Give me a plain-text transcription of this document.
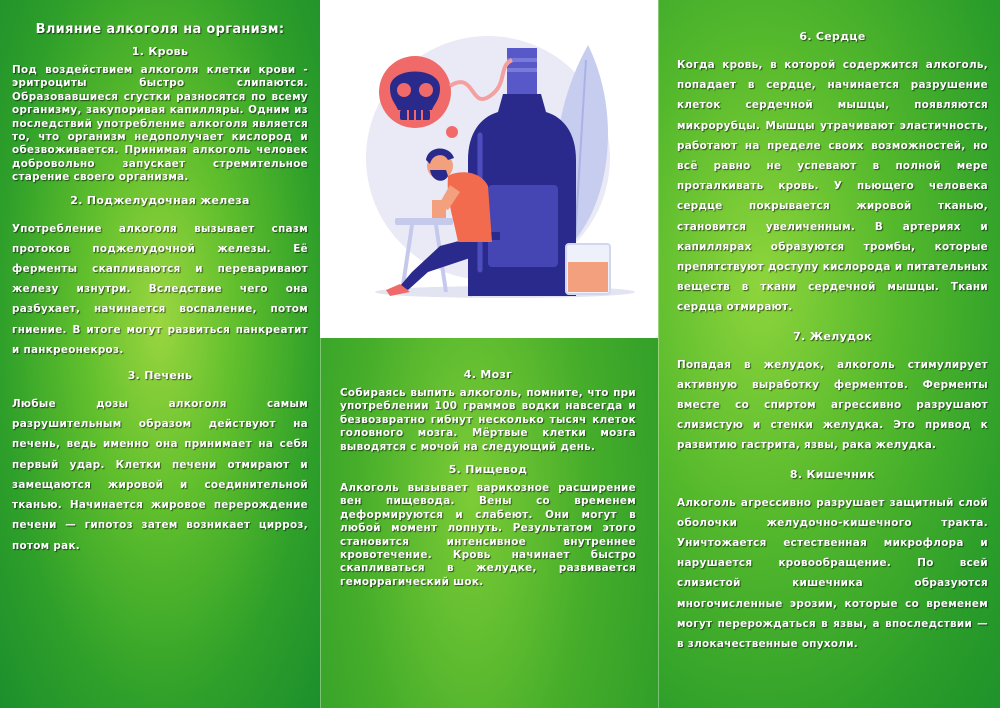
Влияние алкоголя на организм:
1. Кровь

Под воздействием алкоголя клетки крови - эритроциты быстро слипаются. Образовавшиеся сгустки разносятся по всему организму, закупоривая капилляры. Одним из последствий употребление алкоголя является то, что организм недополучает кислород и обезвоживается. Принимая алкоголь человек добровольно запускает стремительное старение своего организма.

2. Поджелудочная железа

Употребление алкоголя вызывает спазм протоков поджелудочной железы. Её ферменты скапливаются и переваривают железу изнутри. Вследствие чего она разбухает, начинается воспаление, потом гниение. В итоге могут развиться панкреатит и панкреонекроз.

3. Печень

Любые дозы алкоголя самым разрушительным образом действуют на печень, ведь именно она принимает на себя первый удар. Клетки печени отмирают и замещаются жировой и соединительной тканью. Начинается жировое перерождение печени — гипотоз затем возникает цирроз, потом рак.

4. Мозг

Собираясь выпить алкоголь, помните, что при употреблении 100 граммов водки навсегда и безвозвратно гибнут несколько тысяч клеток головного мозга. Мёртвые клетки мозга выводятся с мочой на следующий день.

5. Пищевод

Алкоголь вызывает варикозное расширение вен пищевода. Вены со временем деформируются и слабеют. Они могут в любой момент лопнуть. Результатом этого становится интенсивное внутреннее кровотечение. Кровь начинает быстро скапливаться в желудке, развивается геморрагический шок.

6. Сердце

Когда кровь, в которой содержится алкоголь, попадает в сердце, начинается разрушение клеток сердечной мышцы, появляются микрорубцы. Мышцы утрачивают эластичность, работают на пределе своих возможностей, но всё равно не успевают в полной мере проталкивать кровь. У пьющего человека сердце покрывается жировой тканью, становится увеличенным. В артериях и капиллярах образуются тромбы, которые препятствуют доступу кислорода и питательных веществ в ткани сердечной мышцы. Ткани сердца отмирают.

7. Желудок

Попадая в желудок, алкоголь стимулирует активную выработку ферментов. Ферменты вместе со спиртом агрессивно разрушают слизистую и стенки желудка. Это привод к развитию гастрита, язвы, рака желудка.

8. Кишечник

Алкоголь агрессивно разрушает защитный слой оболочки желудочно-кишечного тракта. Уничтожается естественная микрофлора и нарушается кровообращение. По всей слизистой кишечника образуются многочисленные эрозии, которые со временем могут перерождаться в язвы, а впоследствии — в злокачественные опухоли.
